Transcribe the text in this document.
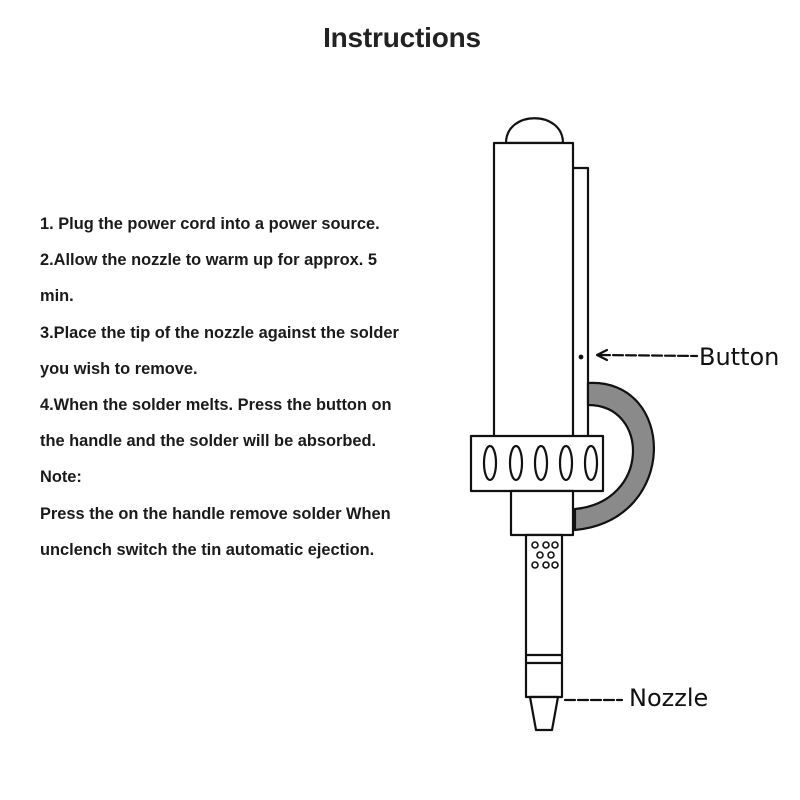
Instructions
1. Plug the power cord into a power source.
2.Allow the nozzle to warm up for approx. 5
min.
3.Place the tip of the nozzle against the solder
you wish to remove.
4.When the solder melts. Press the button on
the handle and the solder will be absorbed.
Note:
Press the on the handle remove solder When
unclench switch the tin automatic ejection.
Button
Nozzle
